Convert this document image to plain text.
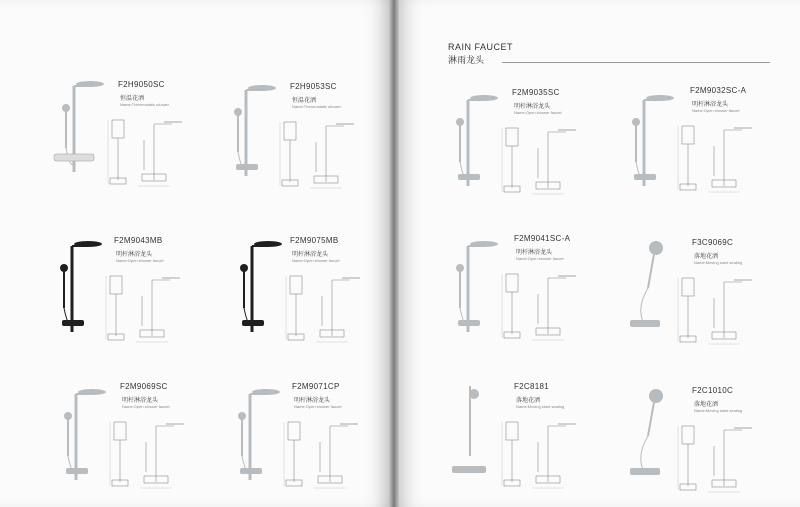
RAIN FAUCET
淋雨龙头
F2H9050SC
恒温花洒
Name:Thermostatic shower
F2H9053SC
恒温花洒
Name:Thermostatic shower
F2M9043MB
明杆淋浴龙头
Name:Open shower faucet
F2M9075MB
明杆淋浴龙头
Name:Open shower faucet
F2M9069SC
明杆淋浴龙头
Name:Open shower faucet
F2M9071CP
明杆淋浴龙头
Name:Open shower faucet
F2M9035SC
明杆淋浴龙头
Name:Open shower faucet
F2M9032SC-A
明杆淋浴龙头
Name:Open shower faucet
F2M9041SC-A
明杆淋浴龙头
Name:Open shower faucet
F3C9069C
落地花洒
Name:Moving slant seating
F2C8181
落地花洒
Name:Moving slant seating
F2C1010C
落地花洒
Name:Moving slant seating
